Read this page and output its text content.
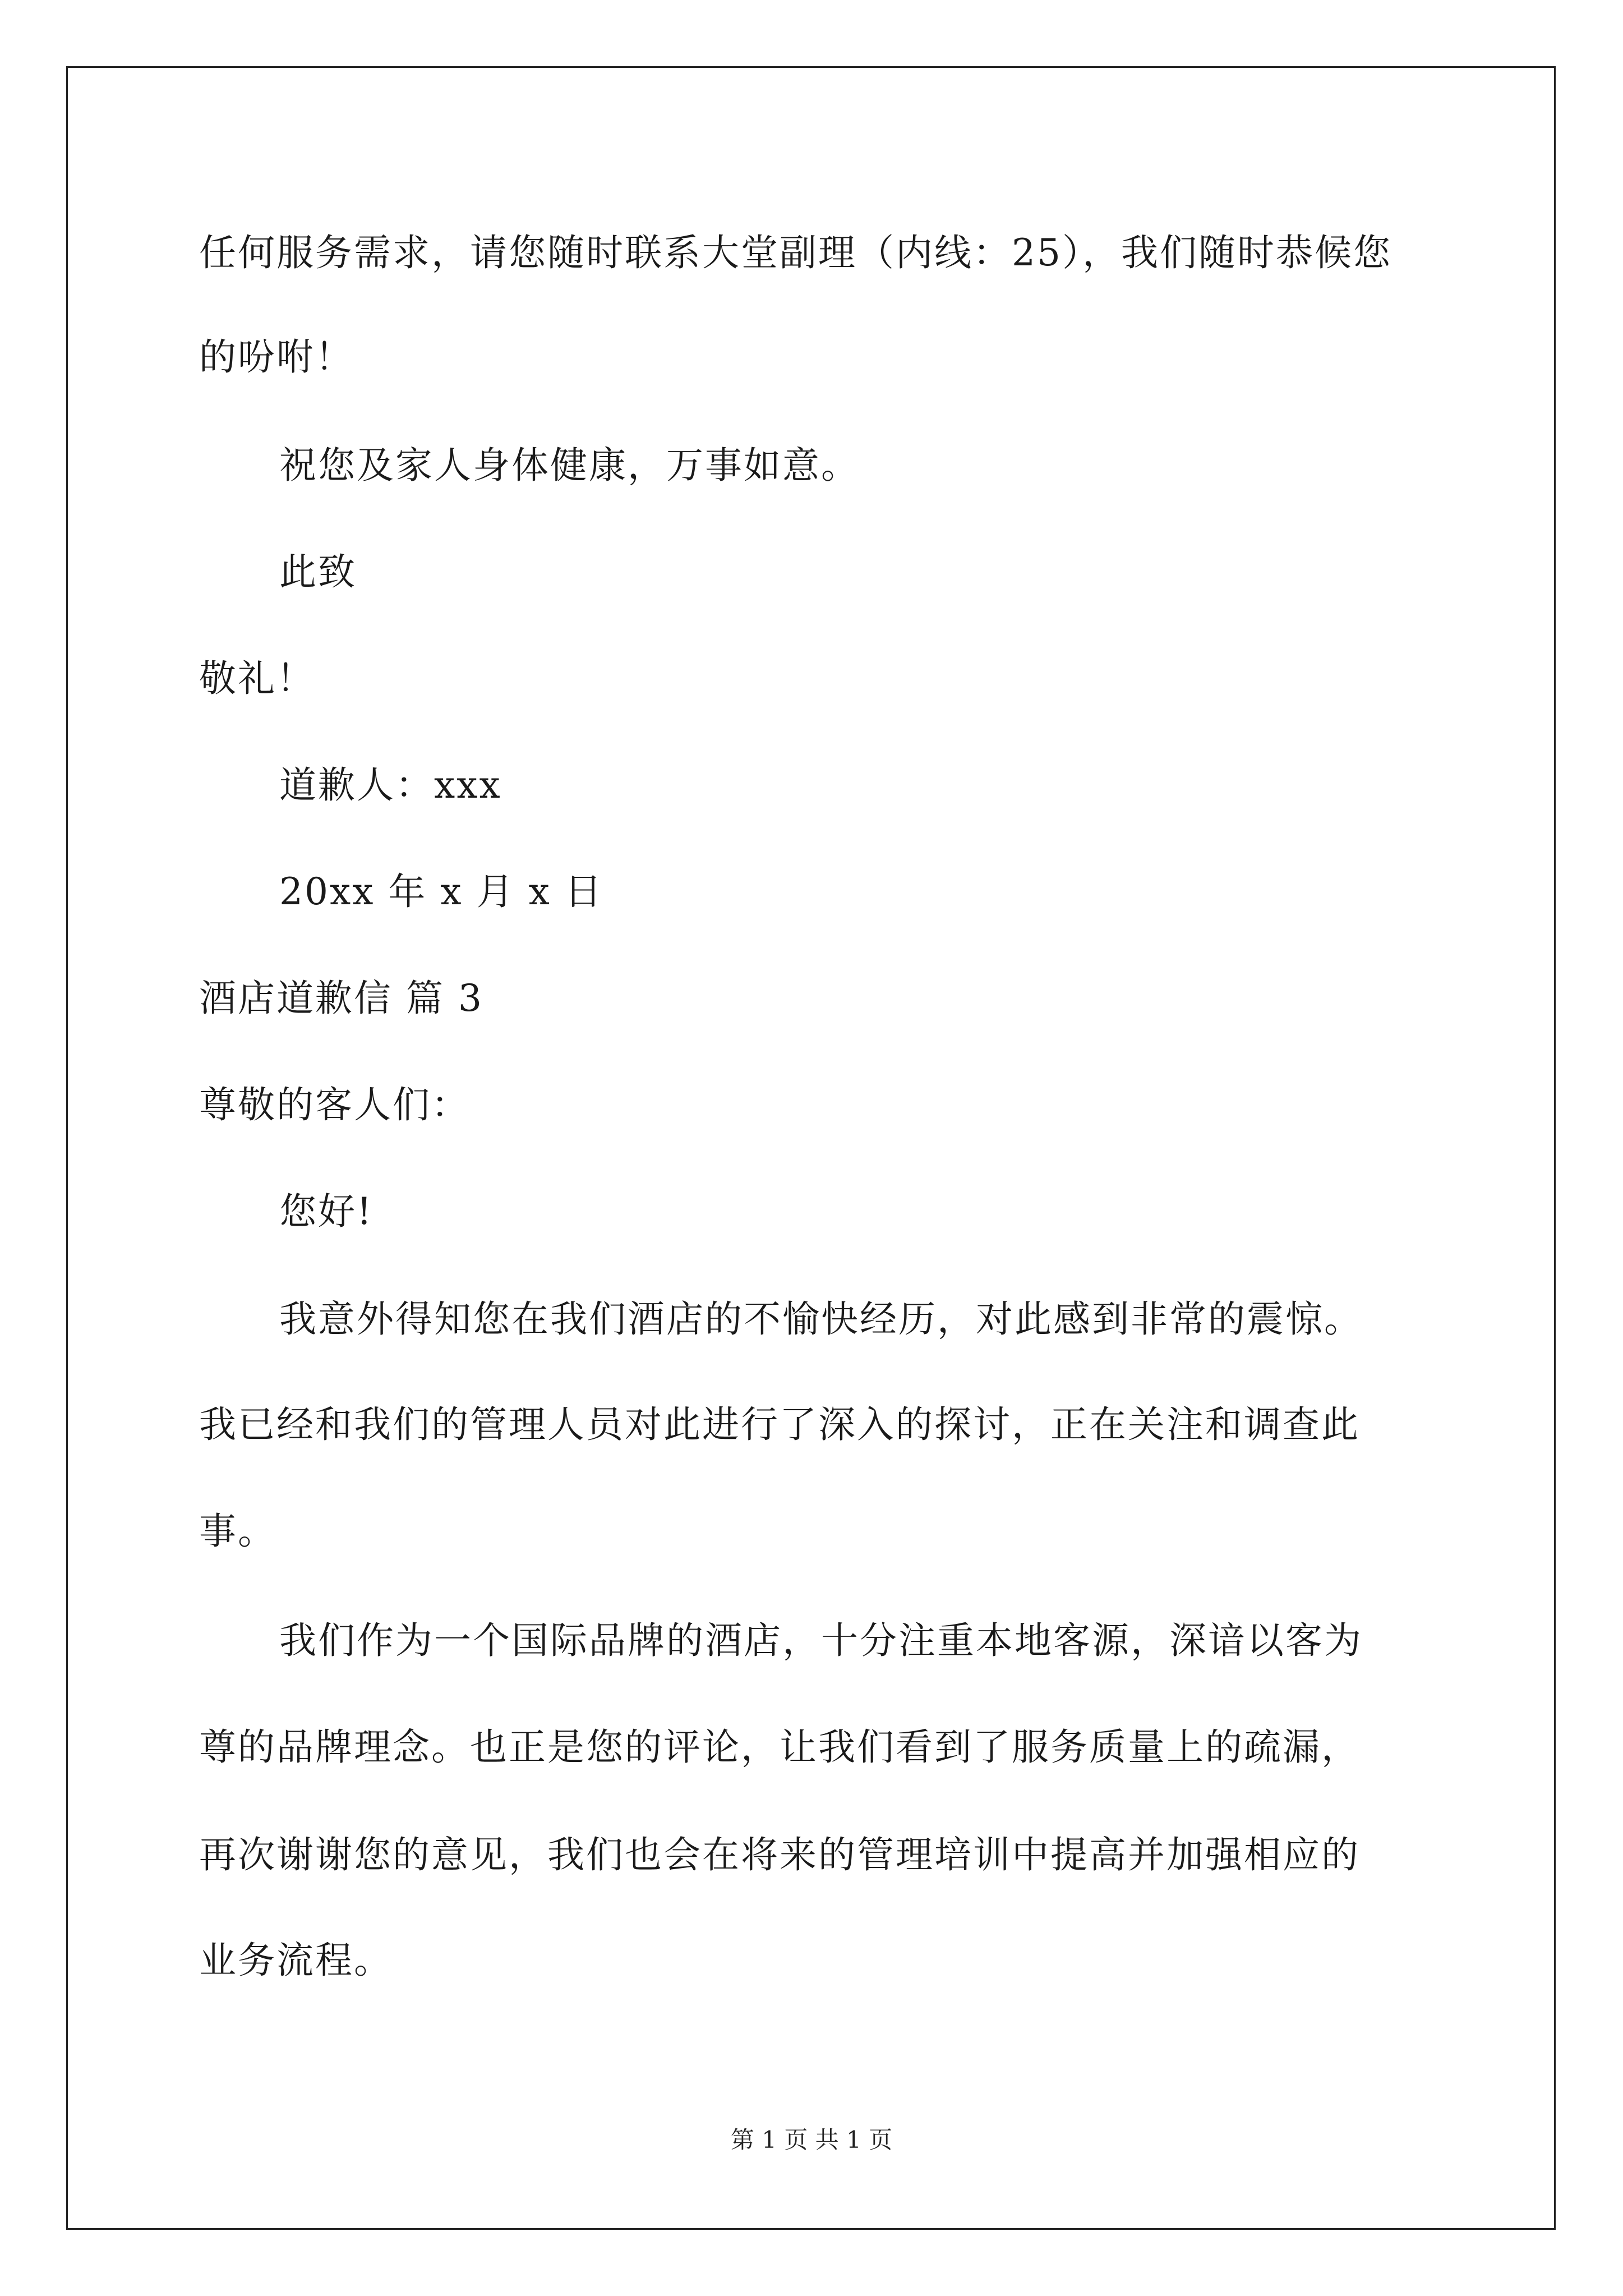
任何服务需求，请您随时联系大堂副理（内线：25），我们随时恭候您
的吩咐！
祝您及家人身体健康，万事如意。
此致
敬礼！
道歉人：xxx
20xx 年 x 月 x 日
酒店道歉信 篇 3
尊敬的客人们：
您好!
我意外得知您在我们酒店的不愉快经历，对此感到非常的震惊。
我已经和我们的管理人员对此进行了深入的探讨，正在关注和调查此
事。
我们作为一个国际品牌的酒店，十分注重本地客源，深谙以客为
尊的品牌理念。也正是您的评论，让我们看到了服务质量上的疏漏，
再次谢谢您的意见，我们也会在将来的管理培训中提高并加强相应的
业务流程。
第 1 页 共 1 页
